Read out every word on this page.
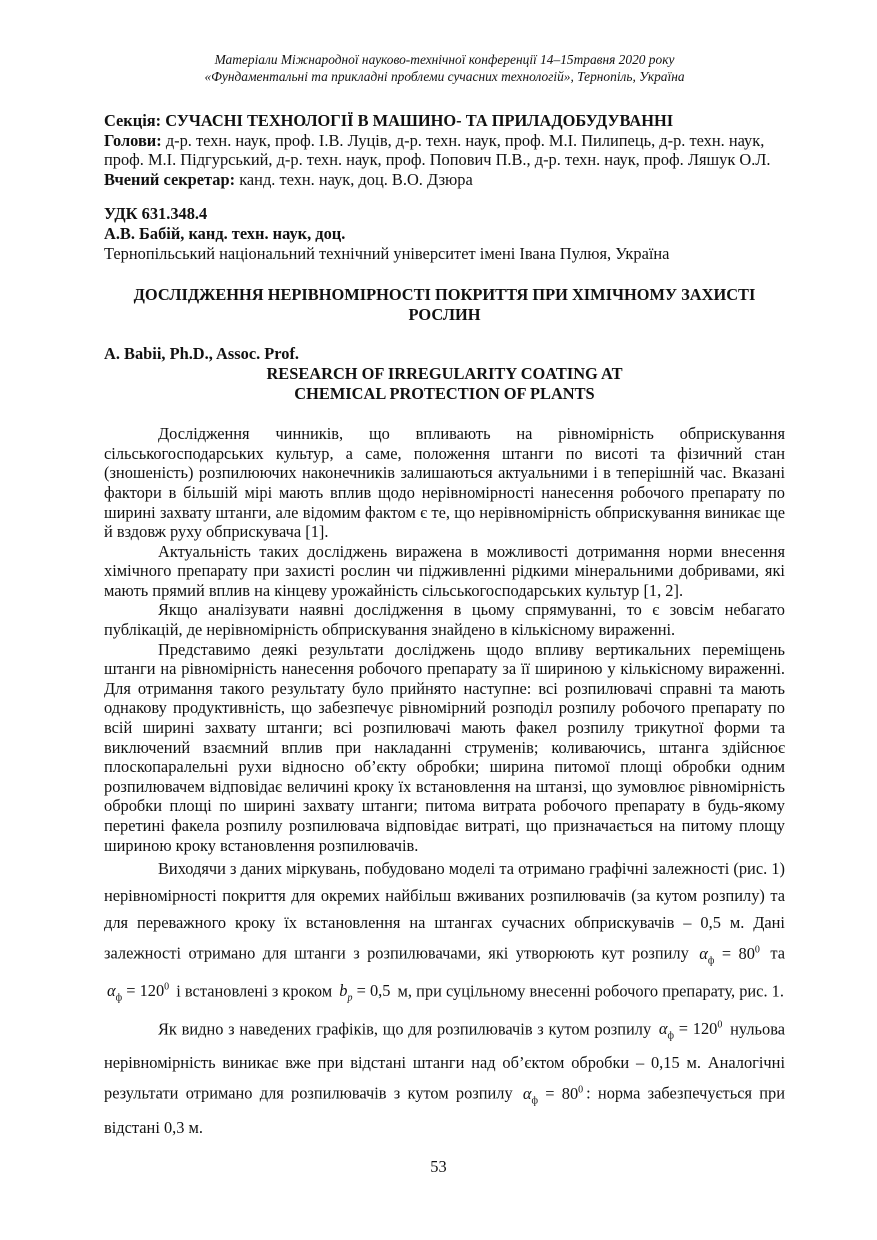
Матеріали Міжнародної науково-технічної конференції 14–15травня 2020 року
«Фундаментальні та прикладні проблеми сучасних технологій», Тернопіль, Україна
Секція: СУЧАСНІ ТЕХНОЛОГІЇ В МАШИНО- ТА ПРИЛАДОБУДУВАННІ
Голови: д-р. техн. наук, проф. І.В. Луців, д-р. техн. наук, проф. М.І. Пилипець, д-р. техн. наук, проф. М.І. Підгурський, д-р. техн. наук, проф. Попович П.В., д-р. техн. наук, проф. Ляшук О.Л.
Вчений секретар: канд. техн. наук, доц. В.О. Дзюра
УДК 631.348.4
А.В. Бабій, канд. техн. наук, доц.
Тернопільський національний технічний університет імені Івана Пулюя, Україна
ДОСЛІДЖЕННЯ НЕРІВНОМІРНОСТІ ПОКРИТТЯ ПРИ ХІМІЧНОМУ ЗАХИСТІ РОСЛИН
A. Babii, Ph.D., Assoc. Prof.
RESEARCH OF IRREGULARITY COATING AT
CHEMICAL PROTECTION OF PLANTS

Дослідження чинників, що впливають на рівномірність обприскування сільськогосподарських культур, а саме, положення штанги по висоті та фізичний стан (зношеність) розпилюючих наконечників залишаються актуальними і в теперішній час. Вказані фактори в більшій мірі мають вплив щодо нерівномірності нанесення робочого препарату по ширині захвату штанги, але відомим фактом є те, що нерівномірність обприскування виникає ще й вздовж руху обприскувача [1].

Актуальність таких досліджень виражена в можливості дотримання норми внесення хімічного препарату при захисті рослин чи підживленні рідкими мінеральними добривами, які мають прямий вплив на кінцеву урожайність сільськогосподарських культур [1, 2].

Якщо аналізувати наявні дослідження в цьому спрямуванні, то є зовсім небагато публікацій, де нерівномірність обприскування знайдено в кількісному вираженні.

Представимо деякі результати досліджень щодо впливу вертикальних переміщень штанги на рівномірність нанесення робочого препарату за її шириною у кількісному вираженні. Для отримання такого результату було прийнято наступне: всі розпилювачі справні та мають однакову продуктивність, що забезпечує рівномірний розподіл розпилу робочого препарату по всій ширині захвату штанги; всі розпилювачі мають факел розпилу трикутної форми та виключений взаємний вплив при накладанні струменів; коливаючись, штанга здійснює плоскопаралельні рухи відносно об’єкту обробки; ширина питомої площі обробки одним розпилювачем відповідає величині кроку їх встановлення на штанзі, що зумовлює рівномірність обробки площі по ширині захвату штанги; питома витрата робочого препарату в будь-якому перетині факела розпилу розпилювача відповідає витраті, що призначається на питому площу шириною кроку встановлення розпилювачів.

Виходячи з даних міркувань, побудовано моделі та отримано графічні залежності (рис. 1) нерівномірності покриття для окремих найбільш вживаних розпилювачів (за кутом розпилу) та для переважного кроку їх встановлення на штангах сучасних обприскувачів – 0,5 м. Дані залежності отримано для штанги з розпилювачами, які утворюють кут розпилу $\alpha_ф = 80^0$ та $\alpha_ф = 120^0$ і встановлені з кроком $b_p = 0,5$ м, при суцільному внесенні робочого препарату, рис. 1.

Як видно з наведених графіків, що для розпилювачів з кутом розпилу $\alpha_ф = 120^0$ нульова нерівномірність виникає вже при відстані штанги над об’єктом обробки – 0,15 м. Аналогічні результати отримано для розпилювачів з кутом розпилу $\alpha_ф = 80^0$ : норма забезпечується при відстані 0,3 м.

53
